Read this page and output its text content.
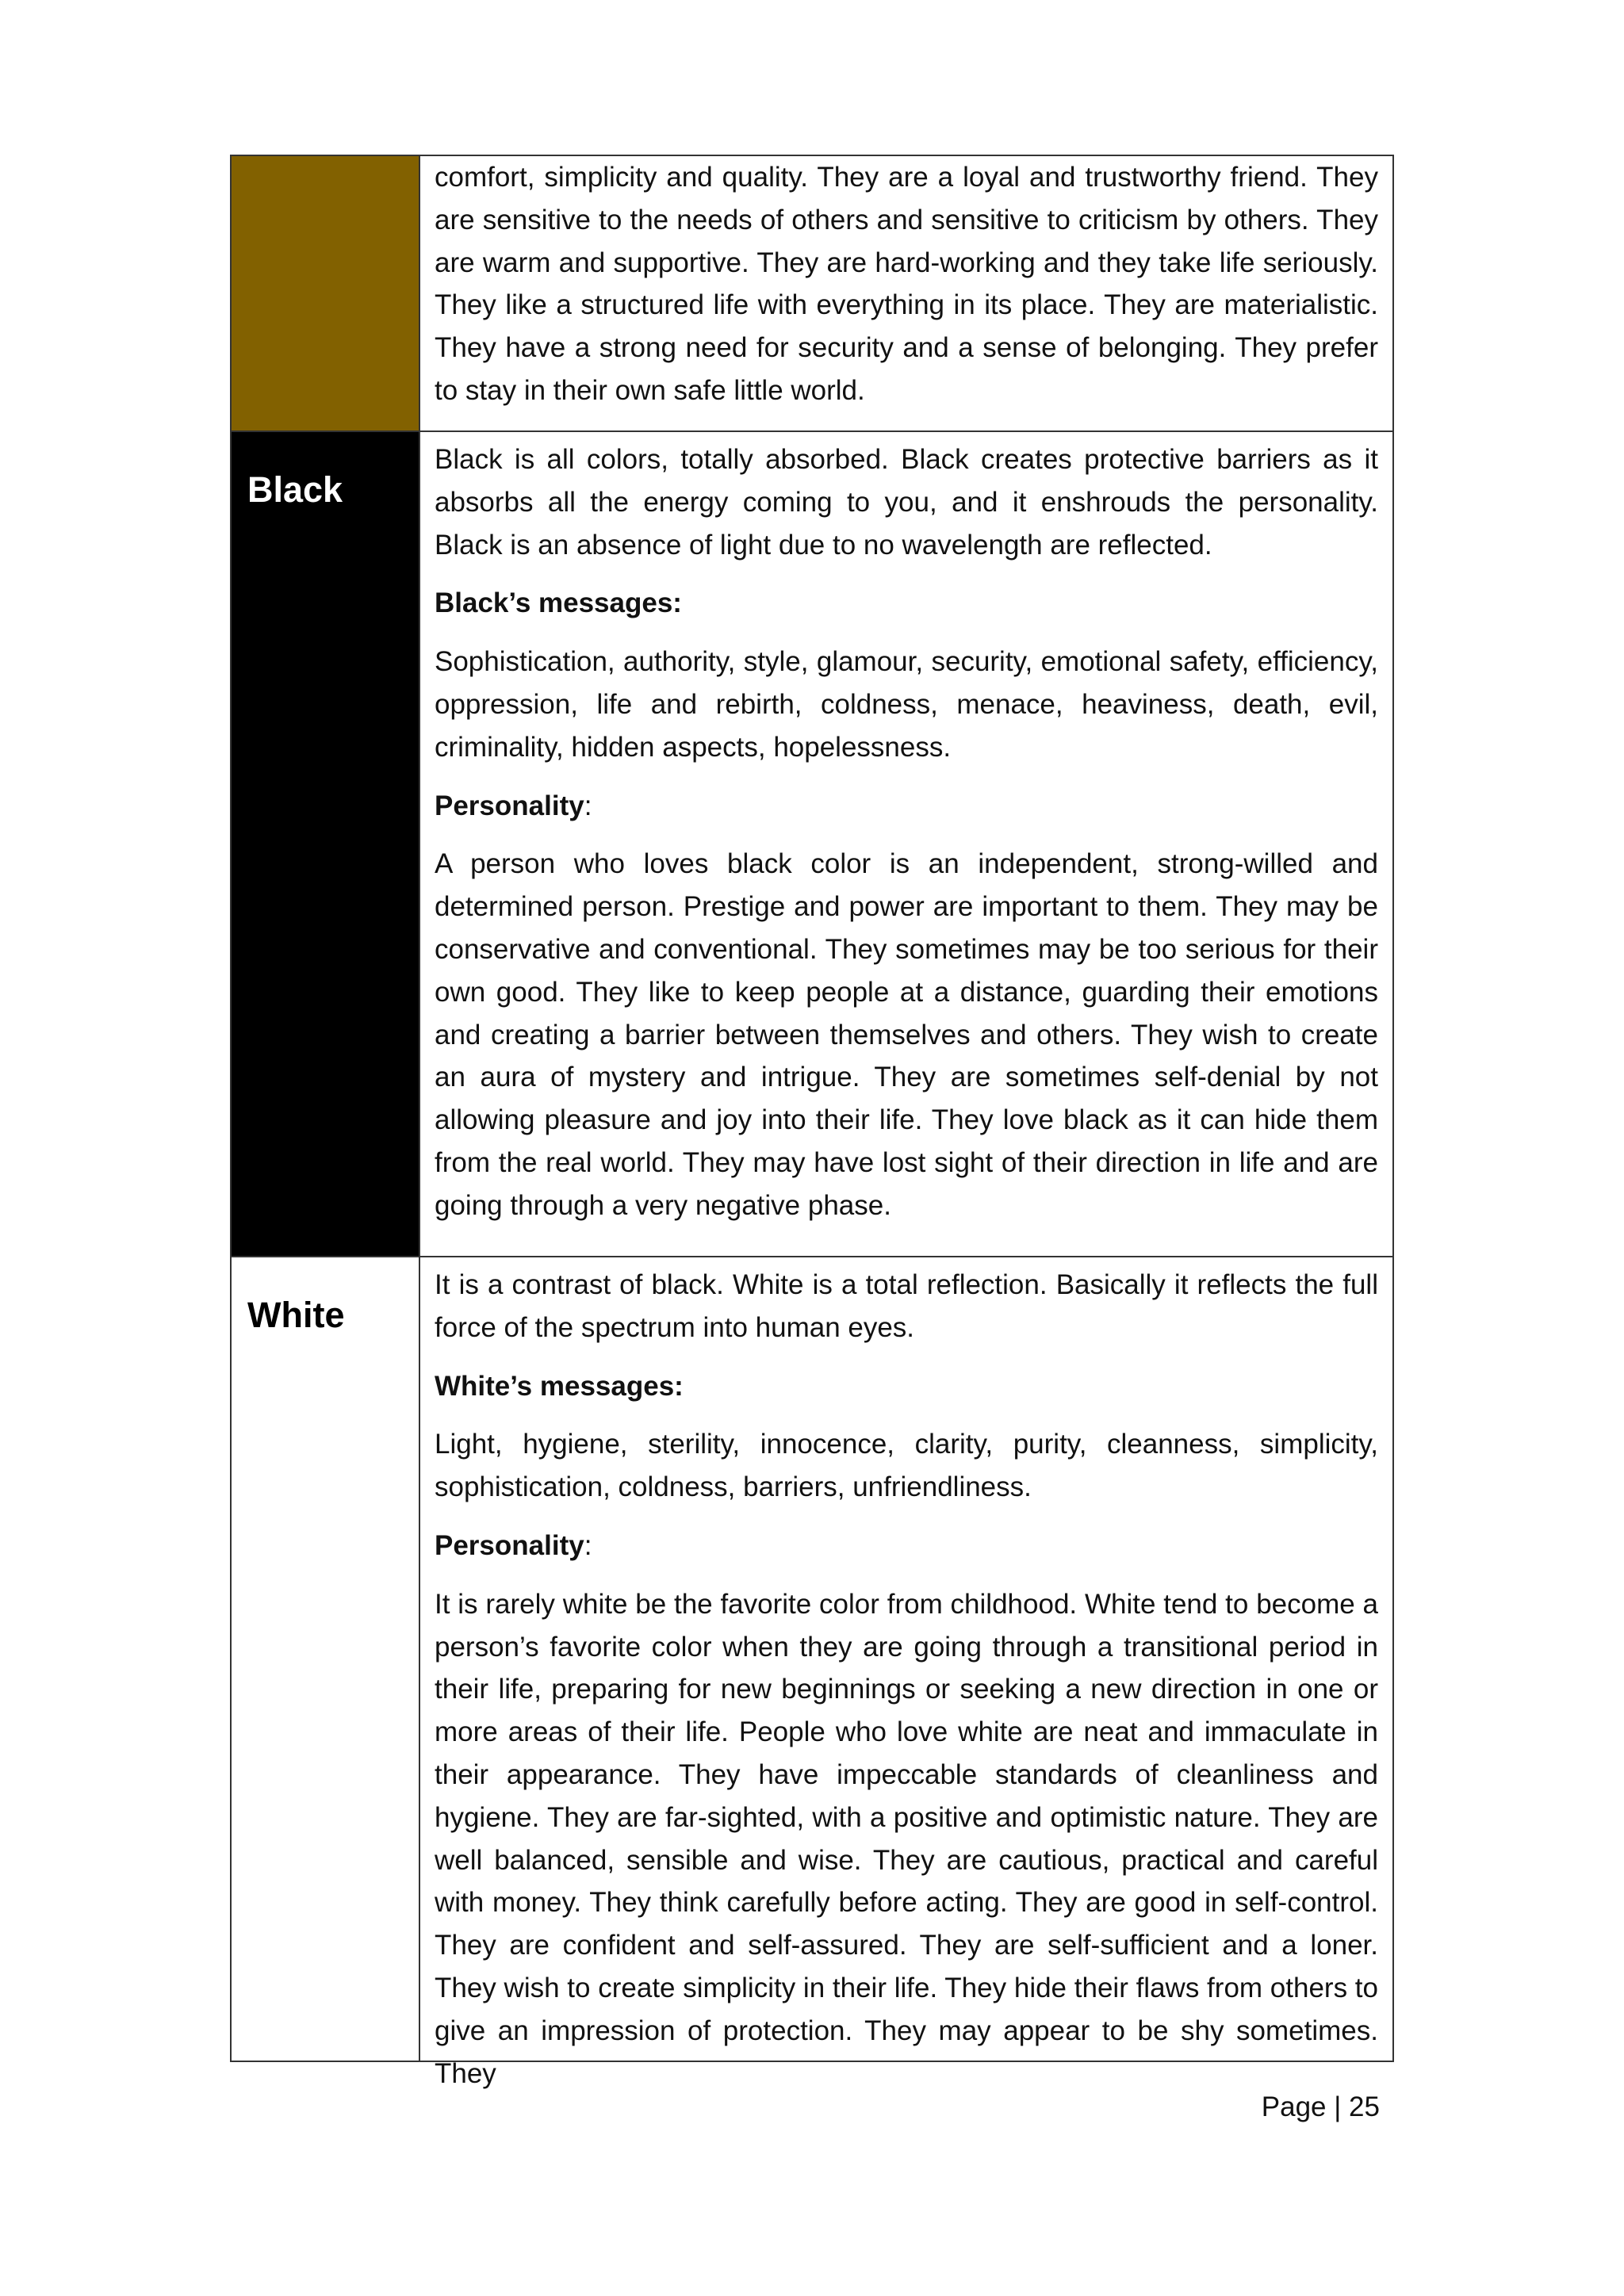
comfort, simplicity and quality. They are a loyal and trustworthy friend. They are sensitive to the needs of others and sensitive to criticism by others. They are warm and supportive. They are hard-working and they take life seriously. They like a structured life with everything in its place. They are materialistic. They have a strong need for security and a sense of belonging. They prefer to stay in their own safe little world.

Black

Black is all colors, totally absorbed. Black creates protective barriers as it absorbs all the energy coming to you, and it enshrouds the personality. Black is an absence of light due to no wavelength are reflected.

Black’s messages:

Sophistication, authority, style, glamour, security, emotional safety, efficiency, oppression, life and rebirth, coldness, menace, heaviness, death, evil, criminality, hidden aspects, hopelessness.

Personality:

A person who loves black color is an independent, strong-willed and determined person. Prestige and power are important to them. They may be conservative and conventional. They sometimes may be too serious for their own good. They like to keep people at a distance, guarding their emotions and creating a barrier between themselves and others. They wish to create an aura of mystery and intrigue. They are sometimes self-denial by not allowing pleasure and joy into their life. They love black as it can hide them from the real world. They may have lost sight of their direction in life and are going through a very negative phase.

White

It is a contrast of black. White is a total reflection. Basically it reflects the full force of the spectrum into human eyes.

White’s messages:

Light, hygiene, sterility, innocence, clarity, purity, cleanness, simplicity, sophistication, coldness, barriers, unfriendliness.

Personality:

It is rarely white be the favorite color from childhood. White tend to become a person’s favorite color when they are going through a transitional period in their life, preparing for new beginnings or seeking a new direction in one or more areas of their life. People who love white are neat and immaculate in their appearance. They have impeccable standards of cleanliness and hygiene. They are far-sighted, with a positive and optimistic nature. They are well balanced, sensible and wise. They are cautious, practical and careful with money. They think carefully before acting. They are good in self-control. They are confident and self-assured. They are self-sufficient and a loner. They wish to create simplicity in their life. They hide their flaws from others to give an impression of protection. They may appear to be shy sometimes. They

Page | 25
